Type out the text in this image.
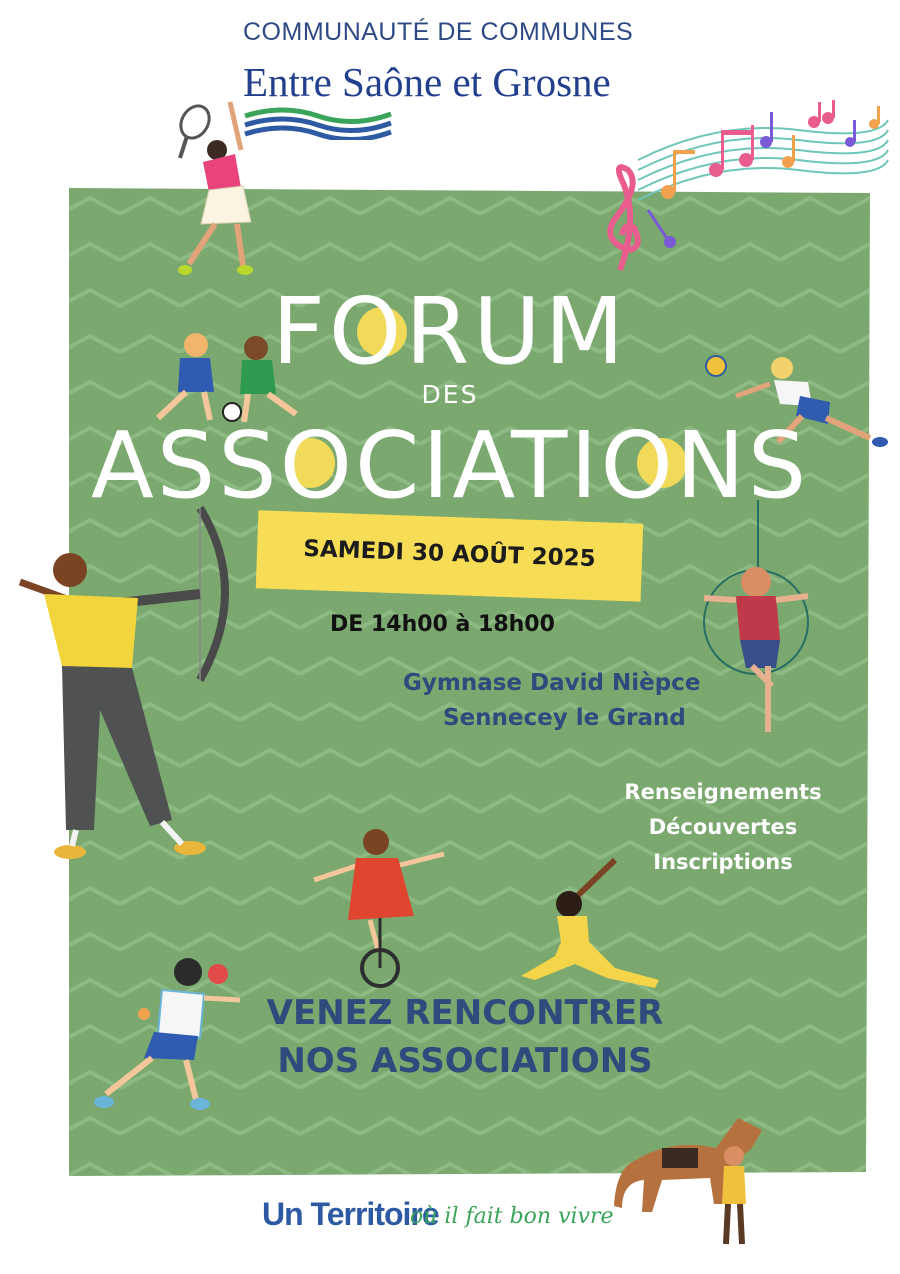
COMMUNAUTÉ DE COMMUNES
Entre Saône et Grosne
FORUM
DES
ASSOCIATIONS
SAMEDI 30 AOÛT 2025
DE 14h00 à 18h00
Gymnase David Nièpce
Sennecey le Grand
Renseignements
Découvertes
Inscriptions
VENEZ RENCONTRER
NOS ASSOCIATIONS
Un Territoire
où il fait bon vivre
